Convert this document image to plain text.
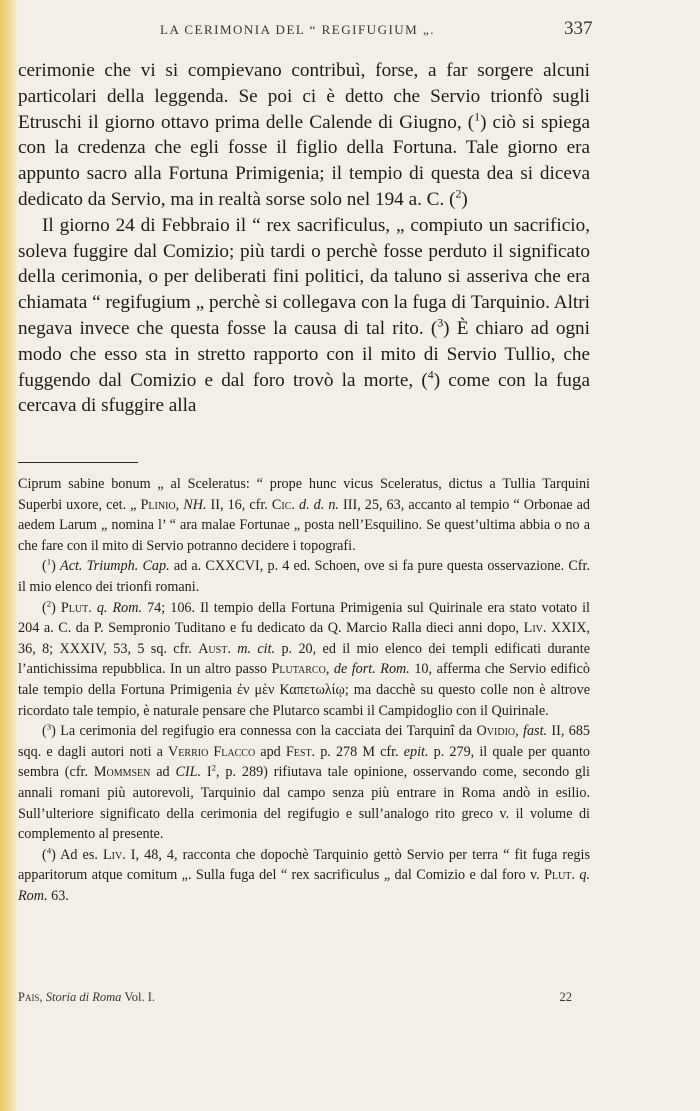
LA CERIMONIA DEL “ REGIFUGIUM „.	337

cerimonie che vi si compievano contribuì, forse, a far sorgere alcuni particolari della leggenda. Se poi ci è detto che Servio trionfò sugli Etruschi il giorno ottavo prima delle Calende di Giugno, ($^1$) ciò si spiega con la credenza che egli fosse il figlio della Fortuna. Tale giorno era appunto sacro alla Fortuna Primigenia; il tempio di questa dea si diceva dedicato da Servio, ma in realtà sorse solo nel 194 a. C. ($^2$)

Il giorno 24 di Febbraio il “ rex sacrificulus, „ compiuto un sacrificio, soleva fuggire dal Comizio; più tardi o perchè fosse perduto il significato della cerimonia, o per deliberati fini politici, da taluno si asseriva che era chiamata “ regifugium „ perchè si collegava con la fuga di Tarquinio. Altri negava invece che questa fosse la causa di tal rito. ($^3$) È chiaro ad ogni modo che esso sta in stretto rapporto con il mito di Servio Tullio, che fuggendo dal Comizio e dal foro trovò la morte, ($^4$) come con la fuga cercava di sfuggire alla

Ciprum sabine bonum „ al Sceleratus: “ prope hunc vicus Sceleratus, dictus a Tullia Tarquini Superbi uxore, cet. „ Plinio, NH. II, 16, cfr. Cic. d. d. n. III, 25, 63, accanto al tempio “ Orbonae ad aedem Larum „ nomina l’ “ ara malae Fortunae „ posta nell’Esquilino. Se quest’ultima abbia o no a che fare con il mito di Servio potranno decidere i topografi.

($^1$) Act. Triumph. Cap. ad a. CXXCVI, p. 4 ed. Schoen, ove si fa pure questa osservazione. Cfr. il mio elenco dei trionfi romani.

($^2$) Plut. q. Rom. 74; 106. Il tempio della Fortuna Primigenia sul Quirinale era stato votato il 204 a. C. da P. Sempronio Tuditano e fu dedicato da Q. Marcio Ralla dieci anni dopo, Liv. XXIX, 36, 8; XXXIV, 53, 5 sq. cfr. Aust. m. cit. p. 20, ed il mio elenco dei templi edificati durante l’antichissima repubblica. In un altro passo Plutarco, de fort. Rom. 10, afferma che Servio edificò tale tempio della Fortuna Primigenia ἐν μὲν Καπετωλίῳ; ma dacchè su questo colle non è altrove ricordato tale tempio, è naturale pensare che Plutarco scambi il Campidoglio con il Quirinale.

($^3$) La cerimonia del regifugio era connessa con la cacciata dei Tarquinî da Ovidio, fast. II, 685 sqq. e dagli autori noti a Verrio Flacco apd Fest. p. 278 M cfr. epit. p. 279, il quale per quanto sembra (cfr. Mommsen ad CIL. $I^2$, p. 289) rifiutava tale opinione, osservando come, secondo gli annali romani più autorevoli, Tarquinio dal campo senza più entrare in Roma andò in esilio. Sull’ulteriore significato della cerimonia del regifugio e sull’analogo rito greco v. il volume di complemento al presente.

($^4$) Ad es. Liv. I, 48, 4, racconta che dopochè Tarquinio gettò Servio per terra “ fit fuga regis apparitorum atque comitum „. Sulla fuga del “ rex sacrificulus „ dal Comizio e dal foro v. Plut. q. Rom. 63.

Pais, Storia di Roma Vol. I.	22
